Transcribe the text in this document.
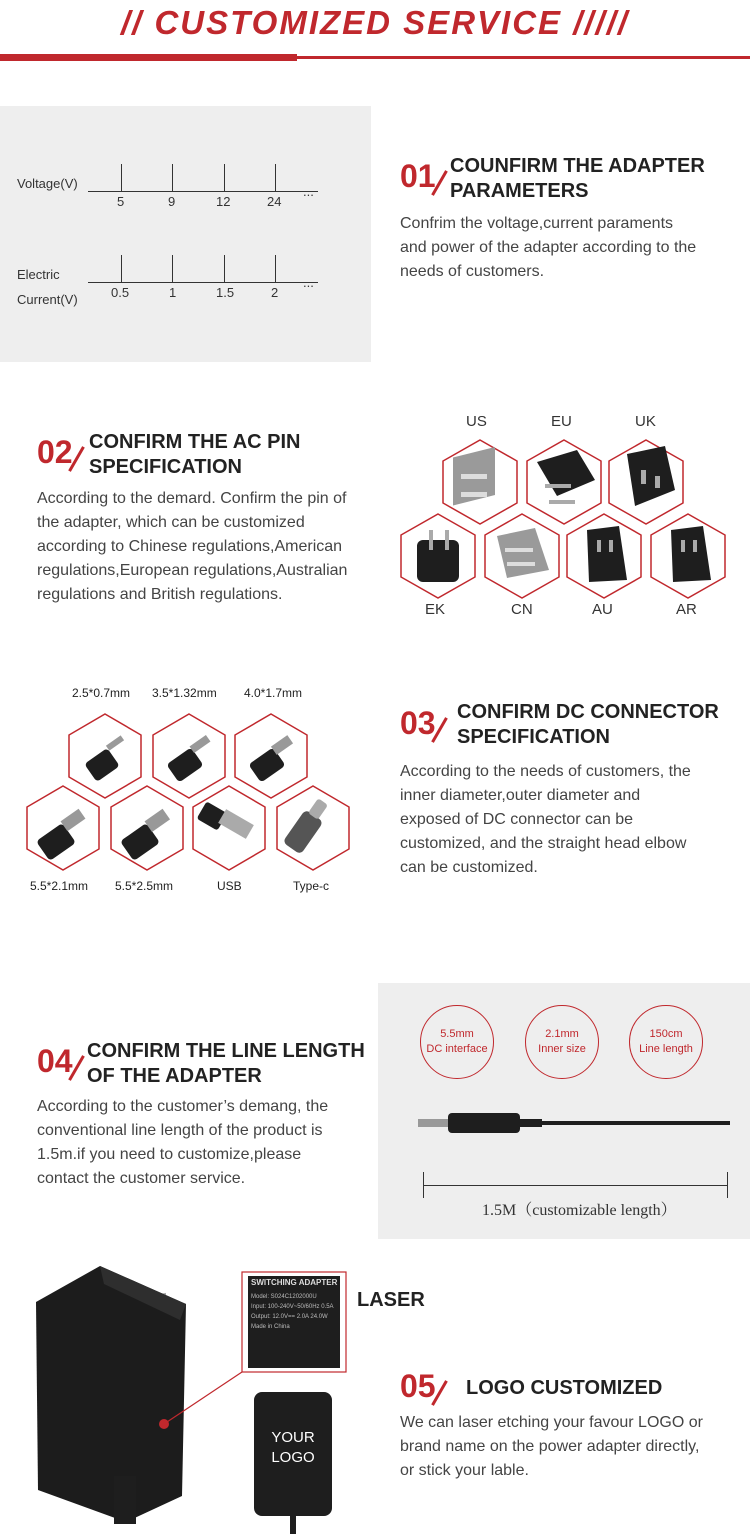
// CUSTOMIZED SERVICE /////
Voltage(V)
5	9	12	24
...
Electric
Current(V)	0.5	1	1.5	2
...
01 COUNFIRM THE ADAPTER
PARAMETERS
Confrim the voltage,current paraments
and power of the adapter according to the
needs of customers.
02 CONFIRM THE AC PIN
SPECIFICATION
According to the demard. Confirm the pin of
the adapter, which can be customized
according to Chinese regulations,American
regulations,European regulations,Australian
regulations and British regulations.
US	EU	UK
EK	CN	AU	AR
2.5*0.7mm 3.5*1.32mm 4.0*1.7mm
5.5*2.1mm 5.5*2.5mm	USB	Type-c
03 CONFIRM DC CONNECTOR
SPECIFICATION
According to the needs of customers, the
inner diameter,outer diameter and
exposed of DC connector can be
customized, and the straight head elbow
can be customized.
04 CONFIRM THE LINE LENGTH
OF THE ADAPTER
According to the customer’s demang, the
conventional line length of the product is
1.5m.if you need to customize,please
contact the customer service.
5.5mm
DC interface
2.1mm
Inner size
150cm
Line length
1.5M（customizable length）
SWITCHING ADAPTER
Model: S024C1202000U
Input: 100-240V~50/60Hz 0.5A
Output: 12.0V== 2.0A 24.0W
Made in China
YOUR
LOGO
LASER
05 LOGO CUSTOMIZED
We can laser etching your favour LOGO or
brand name on the power adapter directly,
or stick your lable.
